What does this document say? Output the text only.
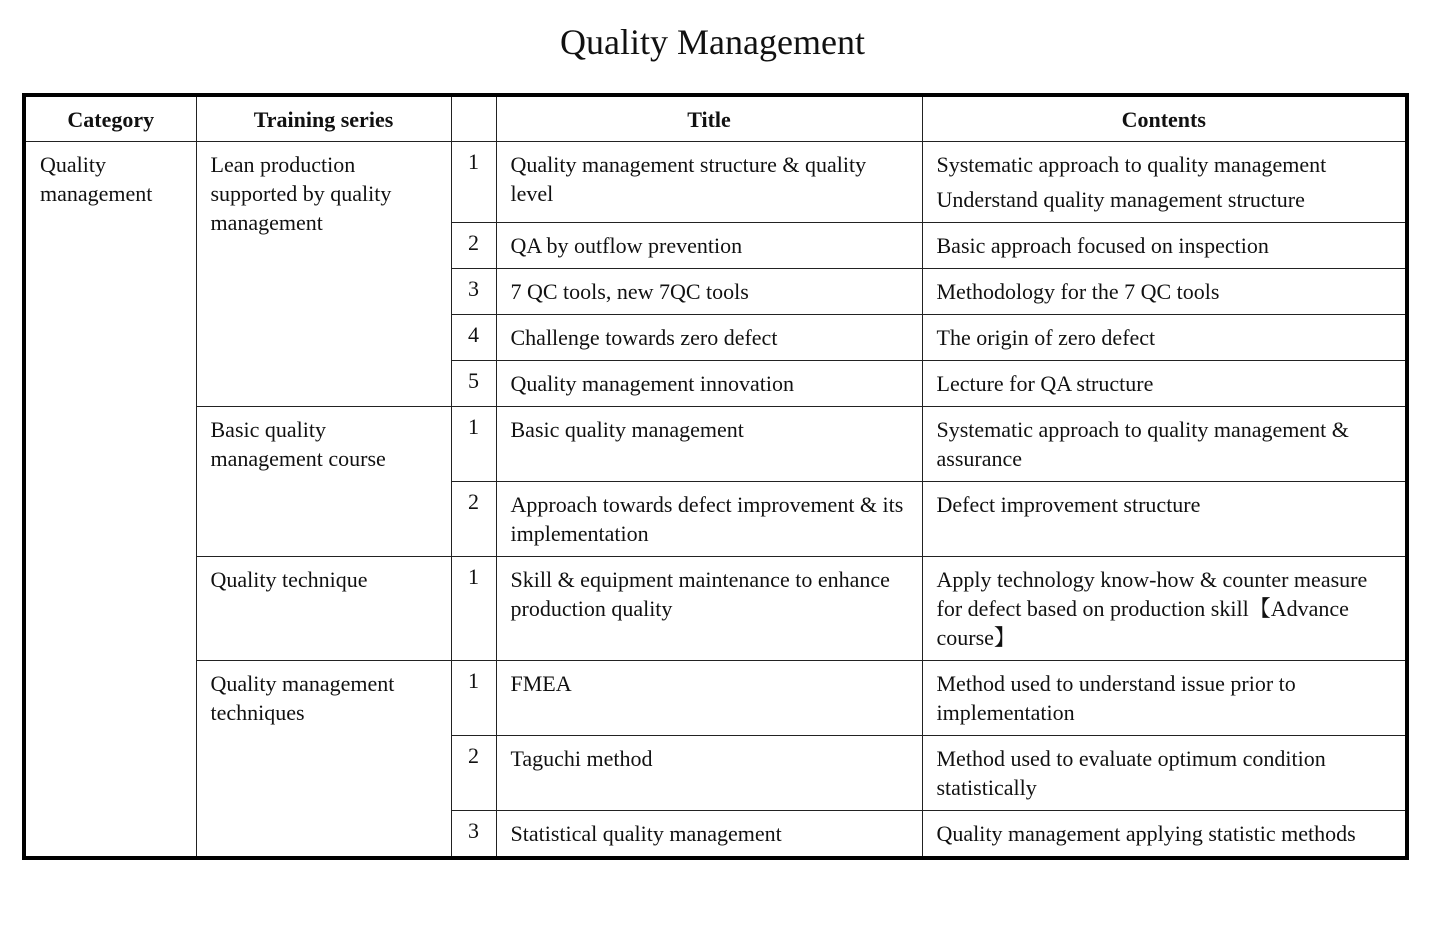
Quality Management
Category	Training series		Title	Contents
Quality management	Lean production supported by quality management	1	Quality management structure & quality level	Systematic approach to quality management
Understand quality management structure

		2	QA by outflow prevention	Basic approach focused on inspection

		3	7 QC tools, new 7QC tools	Methodology for the 7 QC tools

		4	Challenge towards zero defect	The origin of zero defect

		5	Quality management innovation	Lecture for QA structure

	Basic quality management course	1	Basic quality management	Systematic approach to quality management & assurance

		2	Approach towards defect improvement & its implementation	Defect improvement structure

	Quality technique	1	Skill & equipment maintenance to enhance production quality	Apply technology know-how & counter measure for defect based on production skill【Advance course】

	Quality management techniques	1	FMEA	Method used to understand issue prior to implementation

		2	Taguchi method	Method used to evaluate optimum condition statistically

		3	Statistical quality management	Quality management applying statistic methods
